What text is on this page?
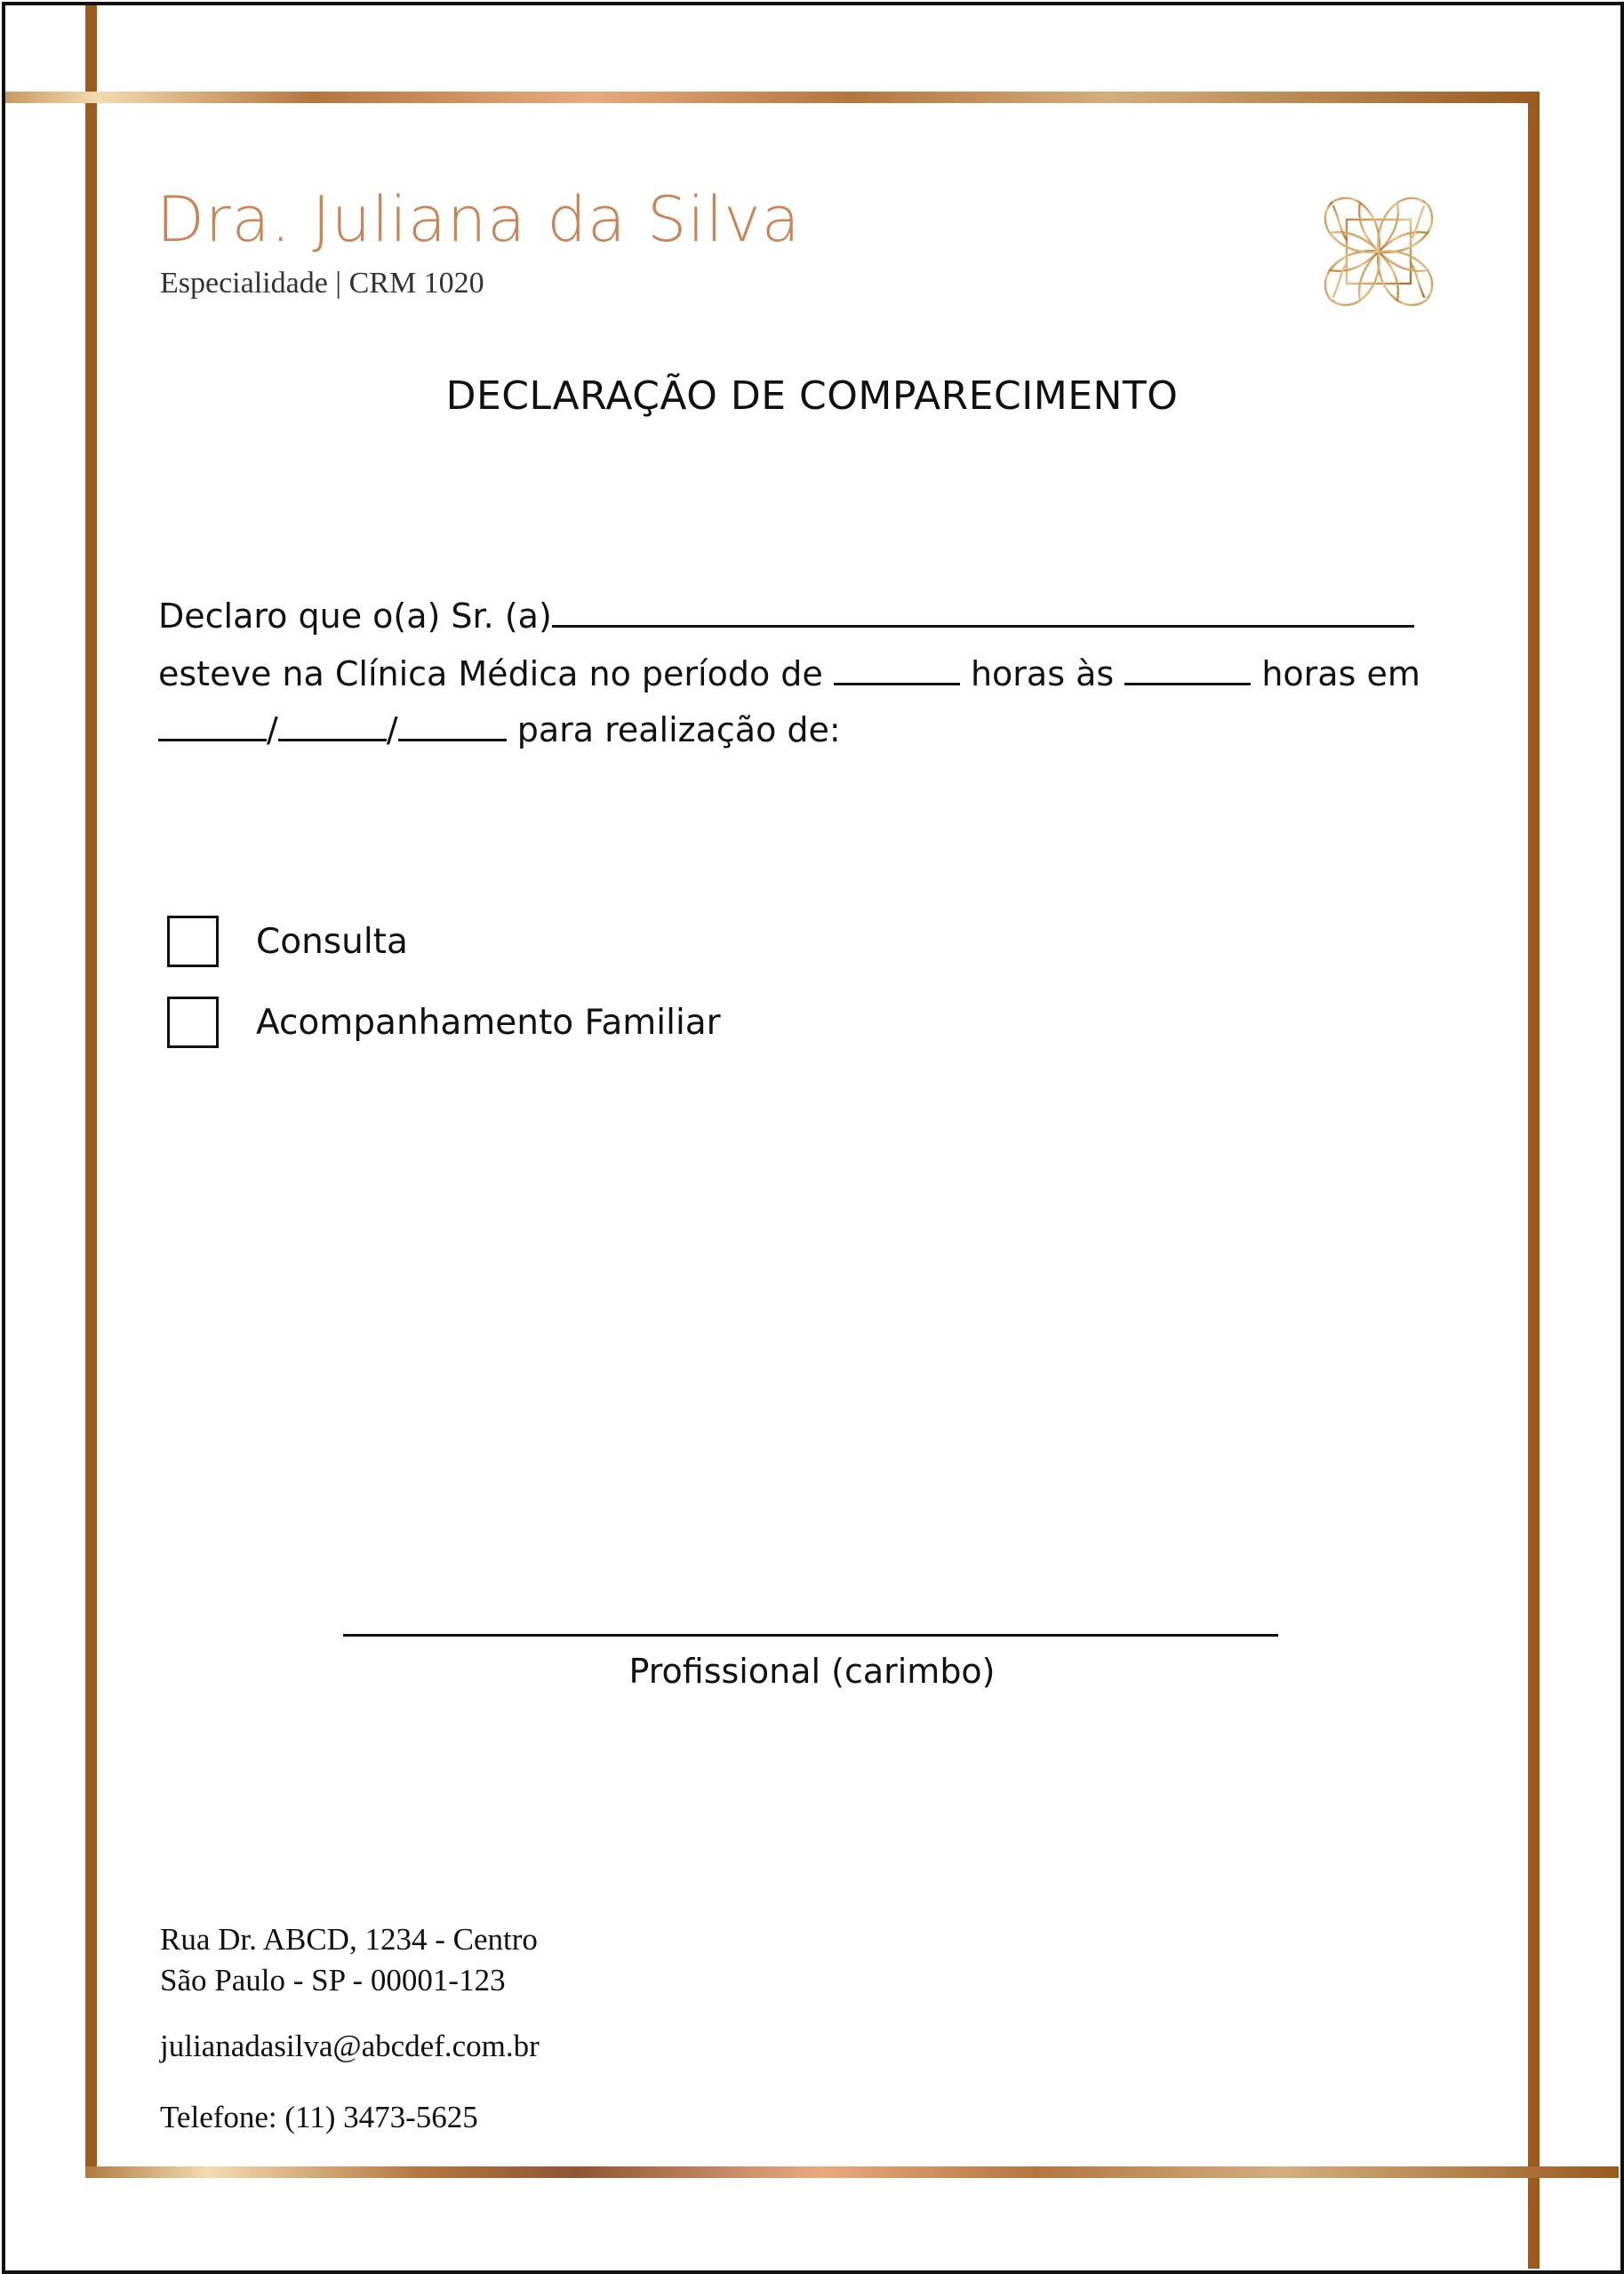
Dra. Juliana da Silva
Especialidade | CRM 1020
DECLARAÇÃO DE COMPARECIMENTO
Declaro que o(a) Sr. (a)
esteve na Clínica Médica no período de	horas às	horas em
/	/	para realização de:
Consulta
Acompanhamento Familiar
Profissional (carimbo)
Rua Dr. ABCD, 1234 - Centro
São Paulo - SP - 00001-123
julianadasilva@abcdef.com.br
Telefone: (11) 3473-5625
